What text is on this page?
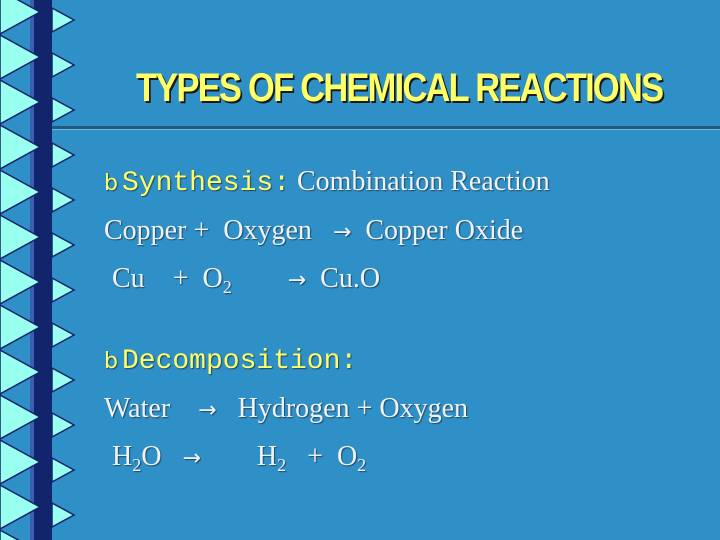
TYPES OF CHEMICAL REACTIONS
b Synthesis: Combination Reaction
Copper + Oxygen → Copper Oxide
$Cu + O_2$	→ Cu.O
b Decomposition:
Water → Hydrogen + Oxygen
$H_2O \to H_2 + O_2$
